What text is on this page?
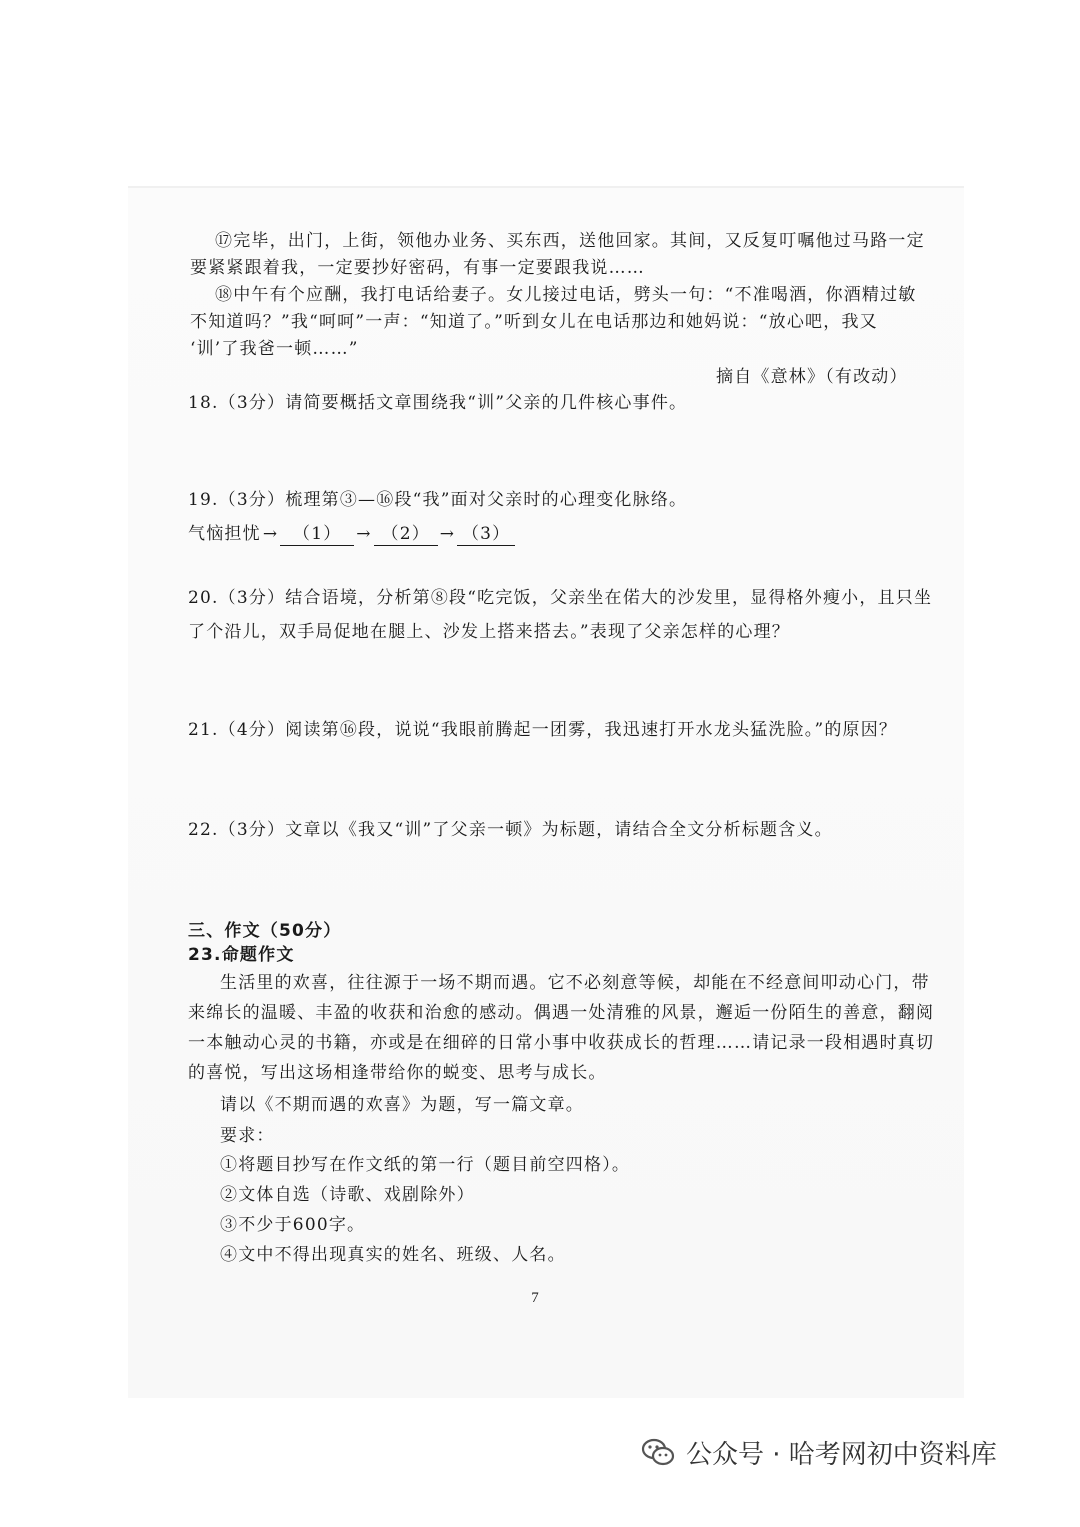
⑰完毕，出门，上街，领他办业务、买东西，送他回家。其间，又反复叮嘱他过马路一定
要紧紧跟着我，一定要抄好密码，有事一定要跟我说……
⑱中午有个应酬，我打电话给妻子。女儿接过电话，劈头一句：“不准喝酒，你酒精过敏
不知道吗？”我“呵呵”一声：“知道了。”听到女儿在电话那边和她妈说：“放心吧，我又
‘训’了我爸一顿……”
摘自《意林》（有改动）
18.（3分）请简要概括文章围绕我“训”父亲的几件核心事件。
19.（3分）梳理第③—⑯段“我”面对父亲时的心理变化脉络。
气恼担忧 → （1） → （2） → （3）
20.（3分）结合语境，分析第⑧段“吃完饭，父亲坐在偌大的沙发里，显得格外瘦小，且只坐
了个沿儿，双手局促地在腿上、沙发上搭来搭去。”表现了父亲怎样的心理？
21.（4分）阅读第⑯段，说说“我眼前腾起一团雾，我迅速打开水龙头猛洗脸。”的原因？
22.（3分）文章以《我又“训”了父亲一顿》为标题，请结合全文分析标题含义。
三、作文（50分）
23.命题作文
生活里的欢喜，往往源于一场不期而遇。它不必刻意等候，却能在不经意间叩动心门，带
来绵长的温暖、丰盈的收获和治愈的感动。偶遇一处清雅的风景，邂逅一份陌生的善意，翻阅
一本触动心灵的书籍，亦或是在细碎的日常小事中收获成长的哲理……请记录一段相遇时真切
的喜悦，写出这场相逢带给你的蜕变、思考与成长。
请以《不期而遇的欢喜》为题，写一篇文章。
要求：
①将题目抄写在作文纸的第一行（题目前空四格）。
②文体自选（诗歌、戏剧除外）
③不少于600字。
④文中不得出现真实的姓名、班级、人名。
7
公众号 · 哈考网初中资料库
